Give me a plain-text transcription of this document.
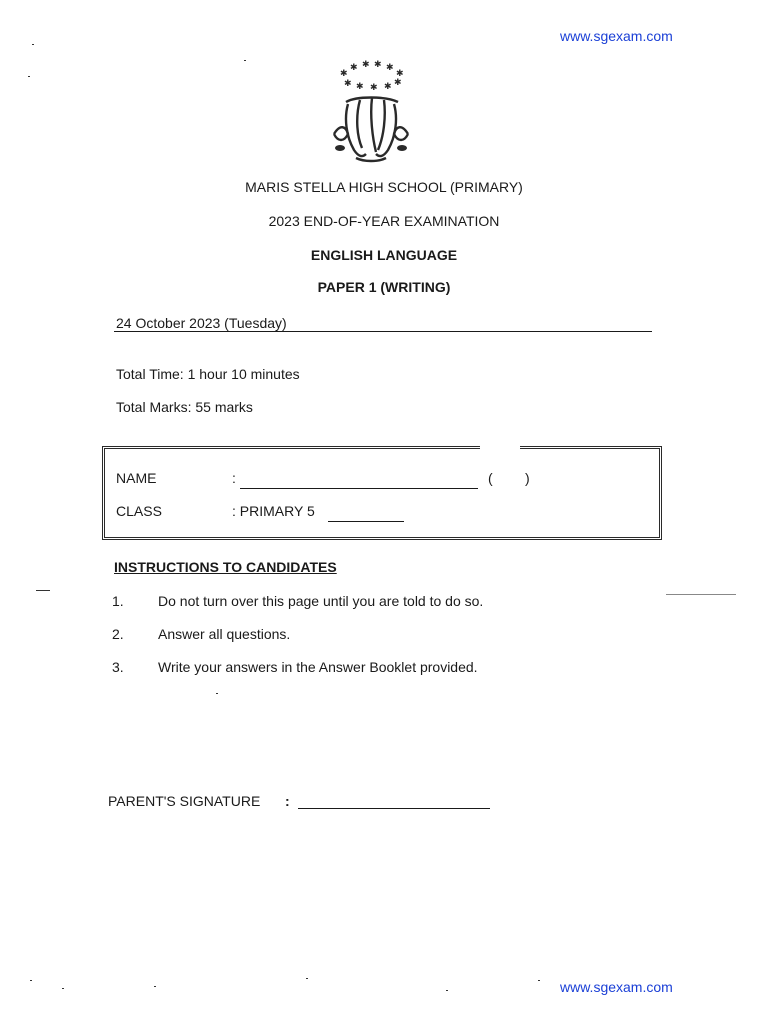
www.sgexam.com
✱
✱ ✱ ✱ ✱
✱
✱ ✱ ✱ ✱ ✱
MARIS STELLA HIGH SCHOOL (PRIMARY)
2023 END-OF-YEAR EXAMINATION
ENGLISH LANGUAGE
PAPER 1 (WRITING)
24 October 2023 (Tuesday)
Total Time: 1 hour 10 minutes
Total Marks: 55 marks
NAME	:	( )
CLASS	: PRIMARY 5
INSTRUCTIONS TO CANDIDATES
1. Do not turn over this page until you are told to do so.
2. Answer all questions.
3. Write your answers in the Answer Booklet provided.
PARENT'S SIGNATURE :
www.sgexam.com
